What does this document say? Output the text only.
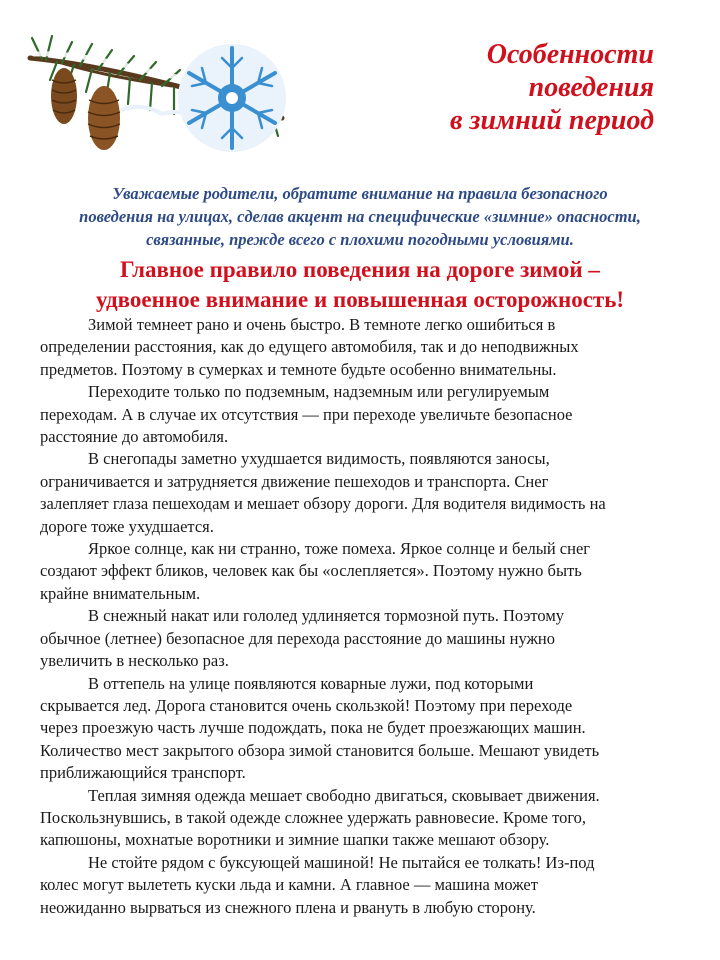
Особенности
поведения
в зимний период
Уважаемые родители, обратите внимание на правила безопасного
поведения на улицах, сделав акцент на специфические «зимние» опасности,
связанные, прежде всего с плохими погодными условиями.
Главное правило поведения на дороге зимой –
удвоенное внимание и повышенная осторожность!
Зимой темнеет рано и очень быстро. В темноте легко ошибиться в
определении расстояния, как до едущего автомобиля, так и до неподвижных
предметов. Поэтому в сумерках и темноте будьте особенно внимательны.
Переходите только по подземным, надземным или регулируемым
переходам. А в случае их отсутствия — при переходе увеличьте безопасное
расстояние до автомобиля.
В снегопады заметно ухудшается видимость, появляются заносы,
ограничивается и затрудняется движение пешеходов и транспорта. Снег
залепляет глаза пешеходам и мешает обзору дороги. Для водителя видимость на
дороге тоже ухудшается.
Яркое солнце, как ни странно, тоже помеха. Яркое солнце и белый снег
создают эффект бликов, человек как бы «ослепляется». Поэтому нужно быть
крайне внимательным.
В снежный накат или гололед удлиняется тормозной путь. Поэтому
обычное (летнее) безопасное для перехода расстояние до машины нужно
увеличить в несколько раз.
В оттепель на улице появляются коварные лужи, под которыми
скрывается лед. Дорога становится очень скользкой! Поэтому при переходе
через проезжую часть лучше подождать, пока не будет проезжающих машин.
Количество мест закрытого обзора зимой становится больше. Мешают увидеть
приближающийся транспорт.
Теплая зимняя одежда мешает свободно двигаться, сковывает движения.
Поскользнувшись, в такой одежде сложнее удержать равновесие. Кроме того,
капюшоны, мохнатые воротники и зимние шапки также мешают обзору.
Не стойте рядом с буксующей машиной! Не пытайся ее толкать! Из-под
колес могут вылететь куски льда и камни. А главное — машина может
неожиданно вырваться из снежного плена и рвануть в любую сторону.
